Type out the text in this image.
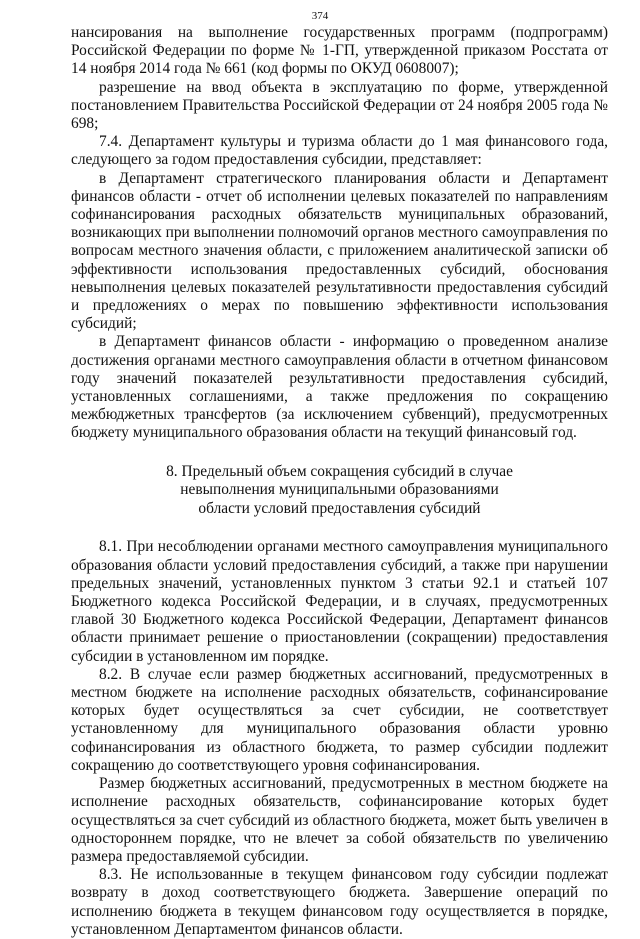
374

нансирования на выполнение государственных программ (подпрограмм) Российской Федерации по форме № 1-ГП, утвержденной приказом Росстата от 14 ноября 2014 года № 661 (код формы по ОКУД 0608007);

разрешение на ввод объекта в эксплуатацию по форме, утвержденной постановлением Правительства Российской Федерации от 24 ноября 2005 года № 698;

7.4. Департамент культуры и туризма области до 1 мая финансового года, следующего за годом предоставления субсидии, представляет:

в Департамент стратегического планирования области и Департамент финансов области - отчет об исполнении целевых показателей по направлениям софинансирования расходных обязательств муниципальных образований, возникающих при выполнении полномочий органов местного самоуправления по вопросам местного значения области, с приложением аналитической записки об эффективности использования предоставленных субсидий, обоснования невыполнения целевых показателей результативности предоставления субсидий и предложениях о мерах по повышению эффективности использования субсидий;

в Департамент финансов области - информацию о проведенном анализе достижения органами местного самоуправления области в отчетном финансовом году значений показателей результативности предоставления субсидий, установленных соглашениями, а также предложения по сокращению межбюджетных трансфертов (за исключением субвенций), предусмотренных бюджету муниципального образования области на текущий финансовый год.

8. Предельный объем сокращения субсидий в случае
невыполнения муниципальными образованиями
области условий предоставления субсидий

8.1. При несоблюдении органами местного самоуправления муниципального образования области условий предоставления субсидий, а также при нарушении предельных значений, установленных пунктом 3 статьи 92.1 и статьей 107 Бюджетного кодекса Российской Федерации, и в случаях, предусмотренных главой 30 Бюджетного кодекса Российской Федерации, Департамент финансов области принимает решение о приостановлении (сокращении) предоставления субсидии в установленном им порядке.

8.2. В случае если размер бюджетных ассигнований, предусмотренных в местном бюджете на исполнение расходных обязательств, софинансирование которых будет осуществляться за счет субсидии, не соответствует установленному для муниципального образования области уровню софинансирования из областного бюджета, то размер субсидии подлежит сокращению до соответствующего уровня софинансирования.

Размер бюджетных ассигнований, предусмотренных в местном бюджете на исполнение расходных обязательств, софинансирование которых будет осуществляться за счет субсидий из областного бюджета, может быть увеличен в одностороннем порядке, что не влечет за собой обязательств по увеличению размера предоставляемой субсидии.

8.3. Не использованные в текущем финансовом году субсидии подлежат возврату в доход соответствующего бюджета. Завершение операций по исполнению бюджета в текущем финансовом году осуществляется в порядке, установленном Департаментом финансов области.
